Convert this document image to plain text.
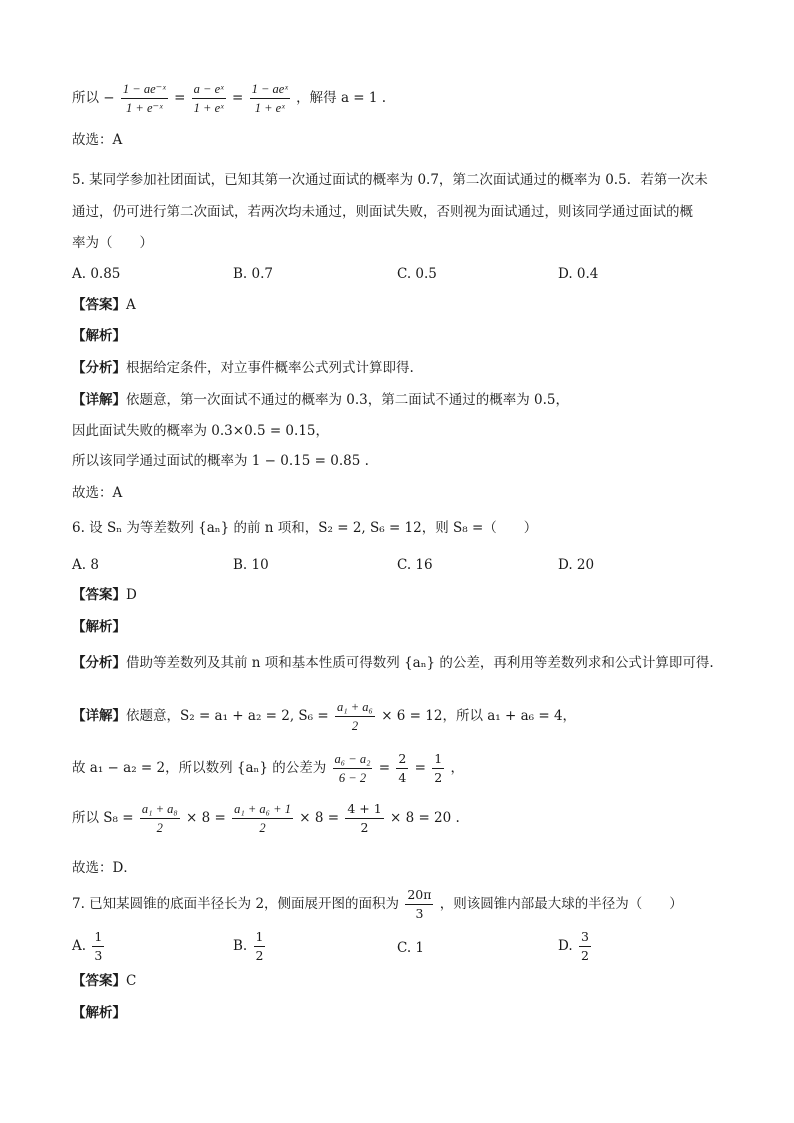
所以 − $\frac{\text{1 − ae⁻ˣ}}{\text{1 + e⁻ˣ}} = \frac{\text{a − eˣ}}{\text{1 + eˣ}} = \frac{\text{1 − aeˣ}}{\text{1 + eˣ}}$ ，解得 a = 1 .
故选：A
5. 某同学参加社团面试，已知其第一次通过面试的概率为 0.7，第二次面试通过的概率为 0.5．若第一次未
通过，仍可进行第二次面试，若两次均未通过，则面试失败，否则视为面试通过，则该同学通过面试的概
率为（　　）
A. 0.85	B. 0.7	C. 0.5	D. 0.4
【答案】A
【解析】
【分析】根据给定条件，对立事件概率公式列式计算即得.
【详解】依题意，第一次面试不通过的概率为 0.3，第二面试不通过的概率为 0.5，
因此面试失败的概率为 0.3×0.5 = 0.15，
所以该同学通过面试的概率为 1 − 0.15 = 0.85 .
故选：A
6. 设 Sₙ 为等差数列 {aₙ} 的前 n 项和，S₂ = 2, S₆ = 12，则 S₈ =（　　）
A. 8	B. 10	C. 16	D. 20
【答案】D
【解析】
【分析】借助等差数列及其前 n 项和基本性质可得数列 {aₙ} 的公差，再利用等差数列求和公式计算即可得.
【详解】依题意，S₂ = a₁ + a₂ = 2, $S_6 = \frac{\text{a₁ + a₆}}{2} \times 6 = 12$，所以 a₁ + a₆ = 4，
故 a₁ − a₂ = 2，所以数列 {aₙ} 的公差为 $\frac{\text{a₆ − a₂}}{6 - 2} = \frac{2}{4} = \frac{1}{2}$ ，
所以 $S_8 = \frac{\text{a₁ + a₈}}{2} \times 8 = \frac{\text{a₁ + a₆ + 1}}{2} \times 8 = \frac{4 + 1}{2} \times 8 = 20$ .
故选：D．
7. 已知某圆锥的底面半径长为 2，侧面展开图的面积为 $\frac{20\pi}{3}$ ，则该圆锥内部最大球的半径为（　　）
A. $\frac{1}{3}$	B. $\frac{1}{2}$	C. 1	D. $\frac{3}{2}$
【答案】C
【解析】
